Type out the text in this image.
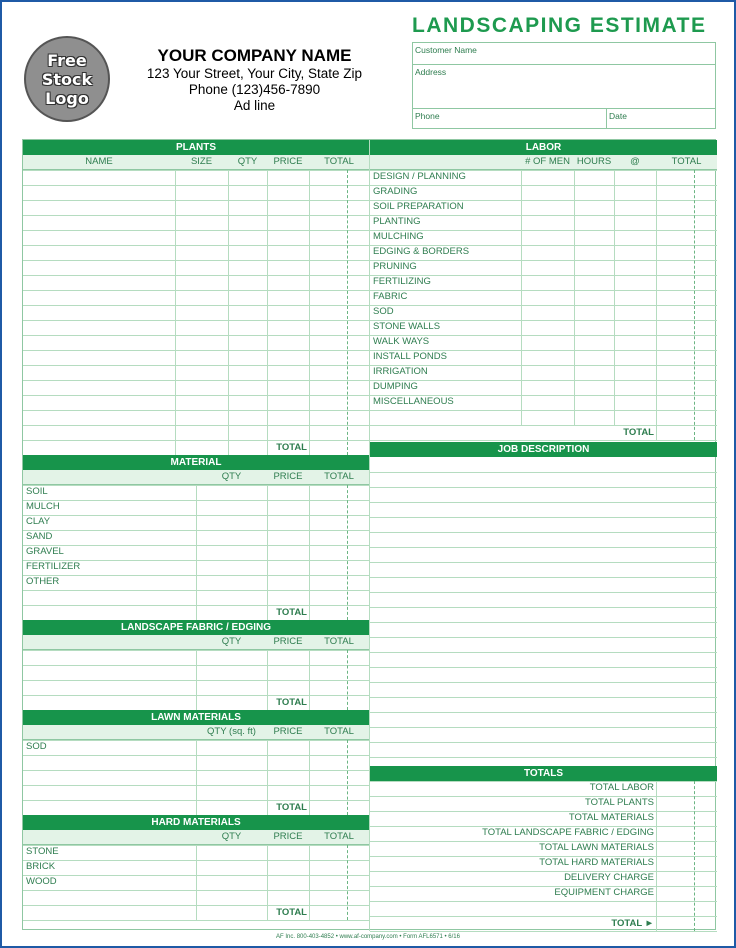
Free
Stock
Logo
YOUR COMPANY NAME
123 Your Street, Your City, State Zip
Phone (123)456-7890
Ad line
LANDSCAPING ESTIMATE
Customer Name
Address
Phone	Date
PLANTS
NAME	SIZE	QTY	PRICE	TOTAL
TOTAL
LABOR
# OF MEN HOURS	@	TOTAL
DESIGN / PLANNING
GRADING
SOIL PREPARATION
PLANTING
MULCHING
EDGING & BORDERS
PRUNING
FERTILIZING
FABRIC
SOD
STONE WALLS
WALK WAYS
INSTALL PONDS
IRRIGATION
DUMPING
MISCELLANEOUS
TOTAL
JOB DESCRIPTION
TOTALS
TOTAL LABOR
TOTAL PLANTS
TOTAL MATERIALS
TOTAL LANDSCAPE FABRIC / EDGING
TOTAL LAWN MATERIALS
TOTAL HARD MATERIALS
DELIVERY CHARGE
EQUIPMENT CHARGE
TOTAL ►
MATERIAL
QTY	PRICE	TOTAL
SOIL
MULCH
CLAY
SAND
GRAVEL
FERTILIZER
OTHER
TOTAL
LANDSCAPE FABRIC / EDGING
QTY	PRICE	TOTAL
TOTAL
LAWN MATERIALS
QTY (sq. ft)	PRICE	TOTAL
SOD
TOTAL
HARD MATERIALS
QTY	PRICE	TOTAL
STONE
BRICK
WOOD
TOTAL
AF Inc. 800-403-4852 • www.af-company.com • Form AFL6571 • 6/16
